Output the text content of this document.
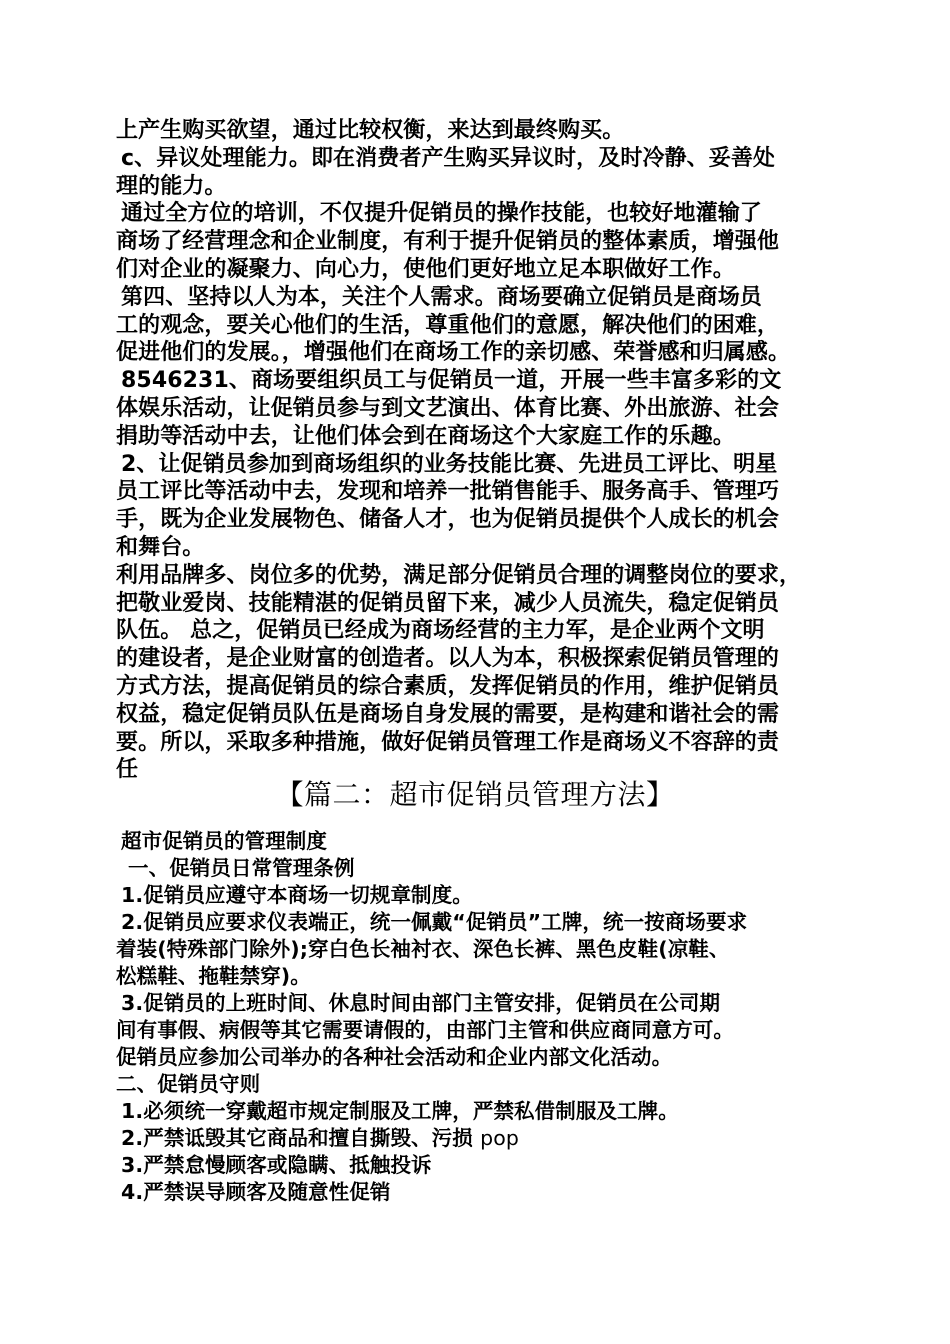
上产生购买欲望，通过比较权衡，来达到最终购买。
c、异议处理能力。即在消费者产生购买异议时，及时冷静、妥善处
理的能力。
通过全方位的培训，不仅提升促销员的操作技能，也较好地灌输了
商场了经营理念和企业制度，有利于提升促销员的整体素质，增强他
们对企业的凝聚力、向心力，使他们更好地立足本职做好工作。
第四、坚持以人为本，关注个人需求。商场要确立促销员是商场员
工的观念，要关心他们的生活，尊重他们的意愿，解决他们的困难，
促进他们的发展。，增强他们在商场工作的亲切感、荣誉感和归属感。
8546231、商场要组织员工与促销员一道，开展一些丰富多彩的文
体娱乐活动，让促销员参与到文艺演出、体育比赛、外出旅游、社会
捐助等活动中去，让他们体会到在商场这个大家庭工作的乐趣。
2、让促销员参加到商场组织的业务技能比赛、先进员工评比、明星
员工评比等活动中去，发现和培养一批销售能手、服务高手、管理巧
手，既为企业发展物色、储备人才，也为促销员提供个人成长的机会
和舞台。
利用品牌多、岗位多的优势，满足部分促销员合理的调整岗位的要求，
把敬业爱岗、技能精湛的促销员留下来，减少人员流失，稳定促销员
队伍。 总之，促销员已经成为商场经营的主力军，是企业两个文明
的建设者，是企业财富的创造者。以人为本，积极探索促销员管理的
方式方法，提高促销员的综合素质，发挥促销员的作用，维护促销员
权益，稳定促销员队伍是商场自身发展的需要，是构建和谐社会的需
要。所以，采取多种措施，做好促销员管理工作是商场义不容辞的责
任
【篇二：超市促销员管理方法】
超市促销员的管理制度
一、促销员日常管理条例
1.促销员应遵守本商场一切规章制度。
2.促销员应要求仪表端正，统一佩戴“促销员”工牌，统一按商场要求
着装(特殊部门除外);穿白色长袖衬衣、深色长裤、黑色皮鞋(凉鞋、
松糕鞋、拖鞋禁穿)。
3.促销员的上班时间、休息时间由部门主管安排，促销员在公司期
间有事假、病假等其它需要请假的，由部门主管和供应商同意方可。
促销员应参加公司举办的各种社会活动和企业内部文化活动。
二、促销员守则
1.必须统一穿戴超市规定制服及工牌，严禁私借制服及工牌。
2.严禁诋毁其它商品和擅自撕毁、污损 pop
3.严禁怠慢顾客或隐瞒、抵触投诉
4.严禁误导顾客及随意性促销
